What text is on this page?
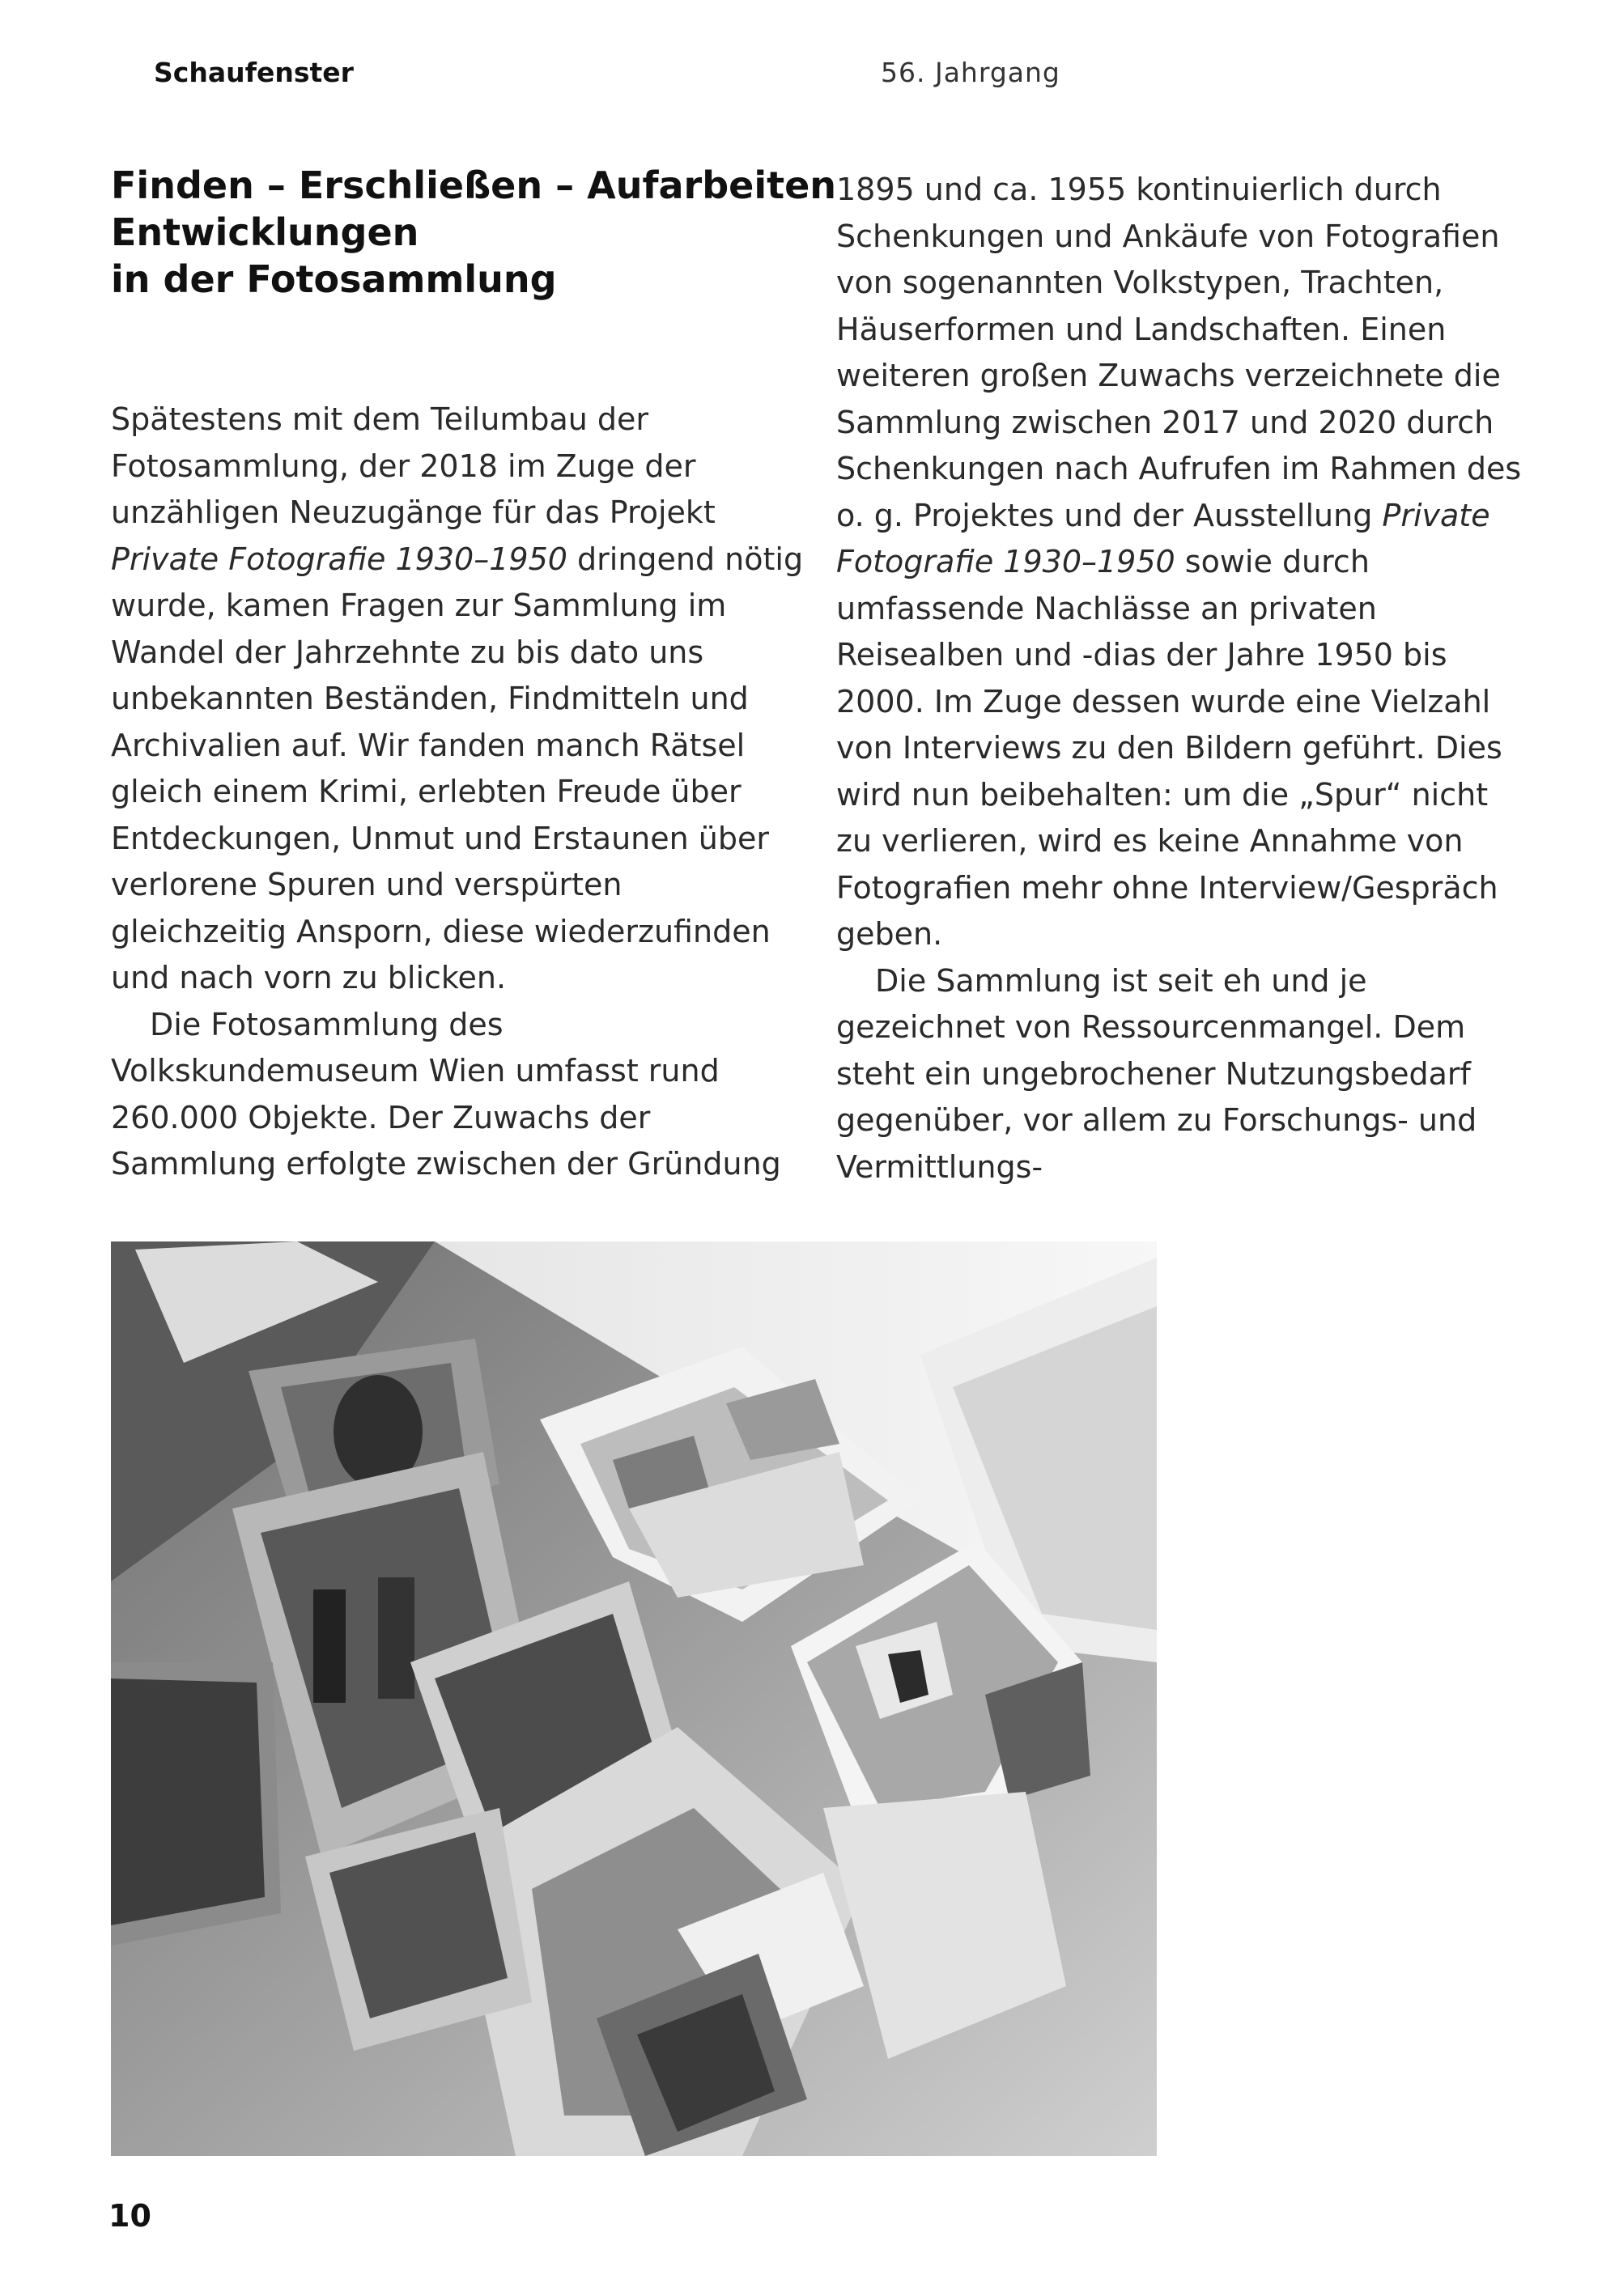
Schaufenster	56. Jahrgang
Finden – Erschließen – Aufarbeiten
Entwicklungen
in der Fotosammlung

Spätestens mit dem Teilumbau der Fotosammlung, der 2018 im Zuge der unzähligen Neuzugänge für das Projekt Private Fotografie 1930–1950 dringend nötig wurde, kamen Fragen zur Sammlung im Wandel der Jahrzehnte zu bis dato uns unbekannten Beständen, Findmitteln und Archivalien auf. Wir fanden manch Rätsel gleich einem Krimi, erlebten Freude über Entdeckungen, Unmut und Erstaunen über verlorene Spuren und verspürten gleichzeitig Ansporn, diese wiederzufinden und nach vorn zu blicken.

Die Fotosammlung des Volkskundemuseum Wien umfasst rund 260.000 Objekte. Der Zuwachs der Sammlung erfolgte zwischen der Gründung

1895 und ca. 1955 kontinuierlich durch Schenkungen und Ankäufe von Fotografien von sogenannten Volkstypen, Trachten, Häuserformen und Landschaften. Einen weiteren großen Zuwachs verzeichnete die Sammlung zwischen 2017 und 2020 durch Schenkungen nach Aufrufen im Rahmen des o. g. Projektes und der Ausstellung Private Fotografie 1930–1950 sowie durch umfassende Nachlässe an privaten Reisealben und -dias der Jahre 1950 bis 2000. Im Zuge dessen wurde eine Vielzahl von Interviews zu den Bildern geführt. Dies wird nun beibehalten: um die „Spur“ nicht zu verlieren, wird es keine Annahme von Fotografien mehr ohne Interview/Gespräch geben.

Die Sammlung ist seit eh und je gezeichnet von Ressourcenmangel. Dem steht ein ungebrochener Nutzungsbedarf gegenüber, vor allem zu Forschungs- und Vermittlungs-

10
